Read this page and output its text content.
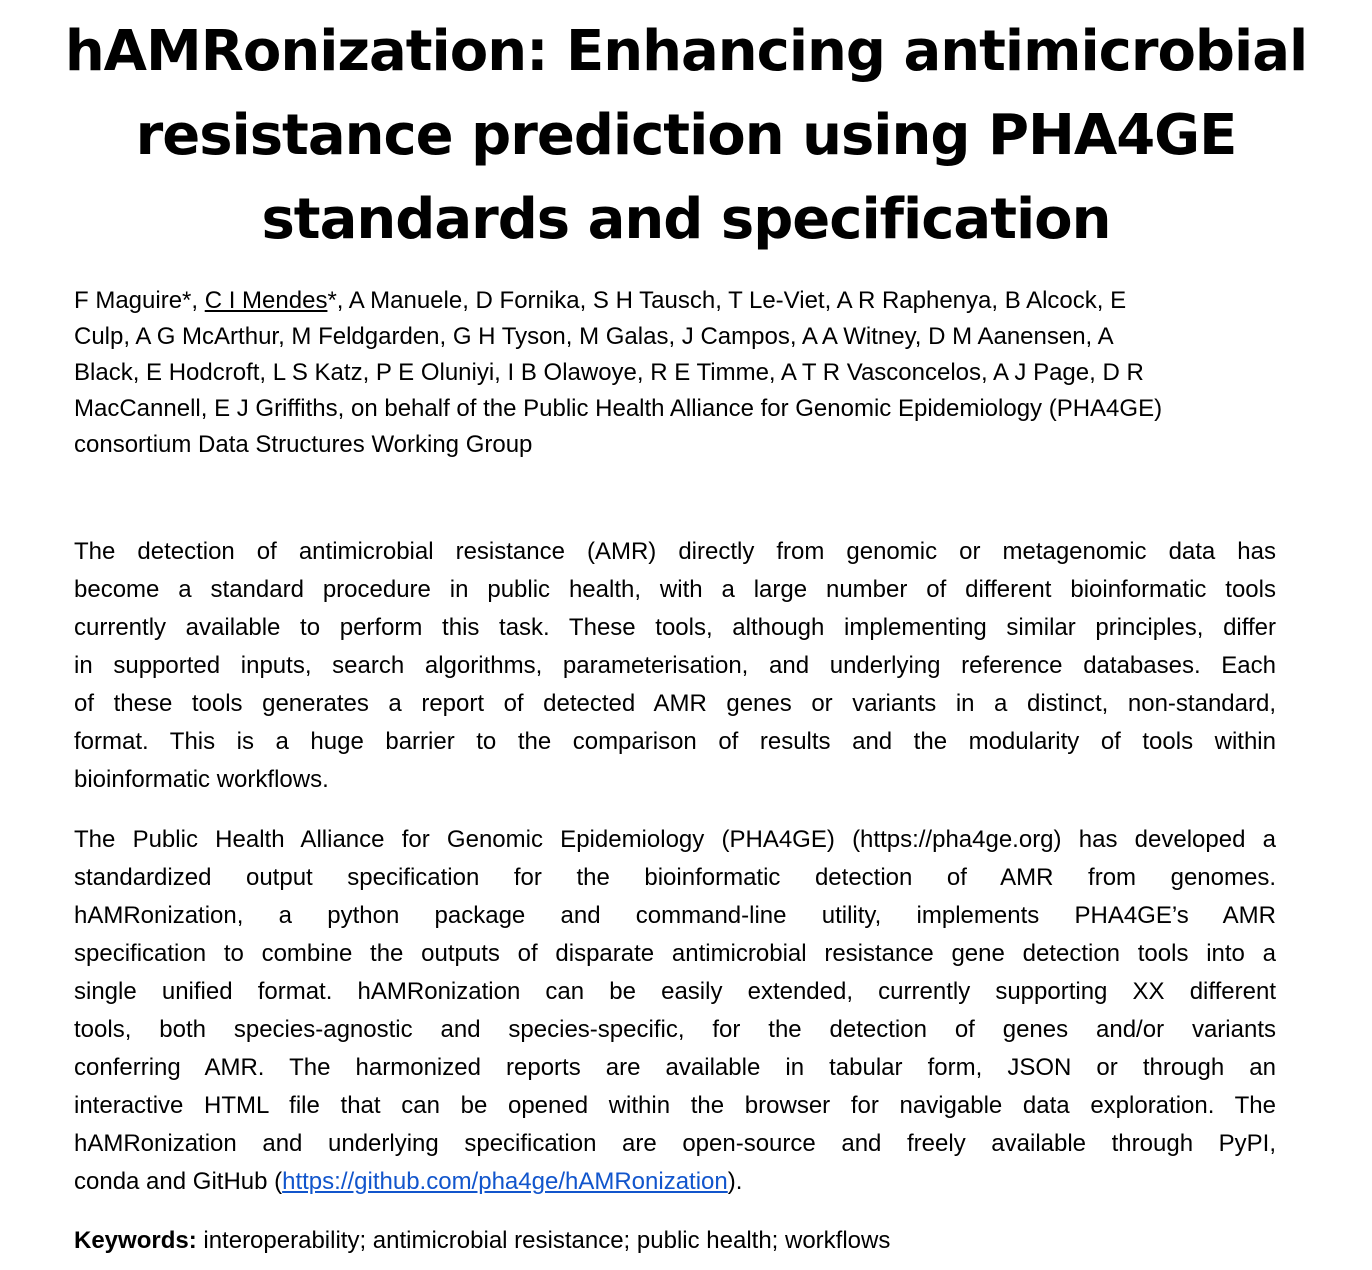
hAMRonization: Enhancing antimicrobial
resistance prediction using PHA4GE
standards and specification

F Maguire*, C I Mendes*, A Manuele, D Fornika, S H Tausch, T Le-Viet, A R Raphenya, B Alcock, E
Culp, A G McArthur, M Feldgarden, G H Tyson, M Galas, J Campos, A A Witney, D M Aanensen, A
Black, E Hodcroft, L S Katz, P E Oluniyi, I B Olawoye, R E Timme, A T R Vasconcelos, A J Page, D R
MacCannell, E J Griffiths, on behalf of the Public Health Alliance for Genomic Epidemiology (PHA4GE)
consortium Data Structures Working Group

The detection of antimicrobial resistance (AMR) directly from genomic or metagenomic data has
become a standard procedure in public health, with a large number of different bioinformatic tools
currently available to perform this task. These tools, although implementing similar principles, differ
in supported inputs, search algorithms, parameterisation, and underlying reference databases. Each
of these tools generates a report of detected AMR genes or variants in a distinct, non-standard,
format. This is a huge barrier to the comparison of results and the modularity of tools within
bioinformatic workflows.

The Public Health Alliance for Genomic Epidemiology (PHA4GE) (https://pha4ge.org) has developed a
standardized output specification for the bioinformatic detection of AMR from genomes.
hAMRonization, a python package and command-line utility, implements PHA4GE’s AMR
specification to combine the outputs of disparate antimicrobial resistance gene detection tools into a
single unified format. hAMRonization can be easily extended, currently supporting XX different
tools, both species-agnostic and species-specific, for the detection of genes and/or variants
conferring AMR. The harmonized reports are available in tabular form, JSON or through an
interactive HTML file that can be opened within the browser for navigable data exploration. The
hAMRonization and underlying specification are open-source and freely available through PyPI,
conda and GitHub (https://github.com/pha4ge/hAMRonization).

Keywords: interoperability; antimicrobial resistance; public health; workflows
